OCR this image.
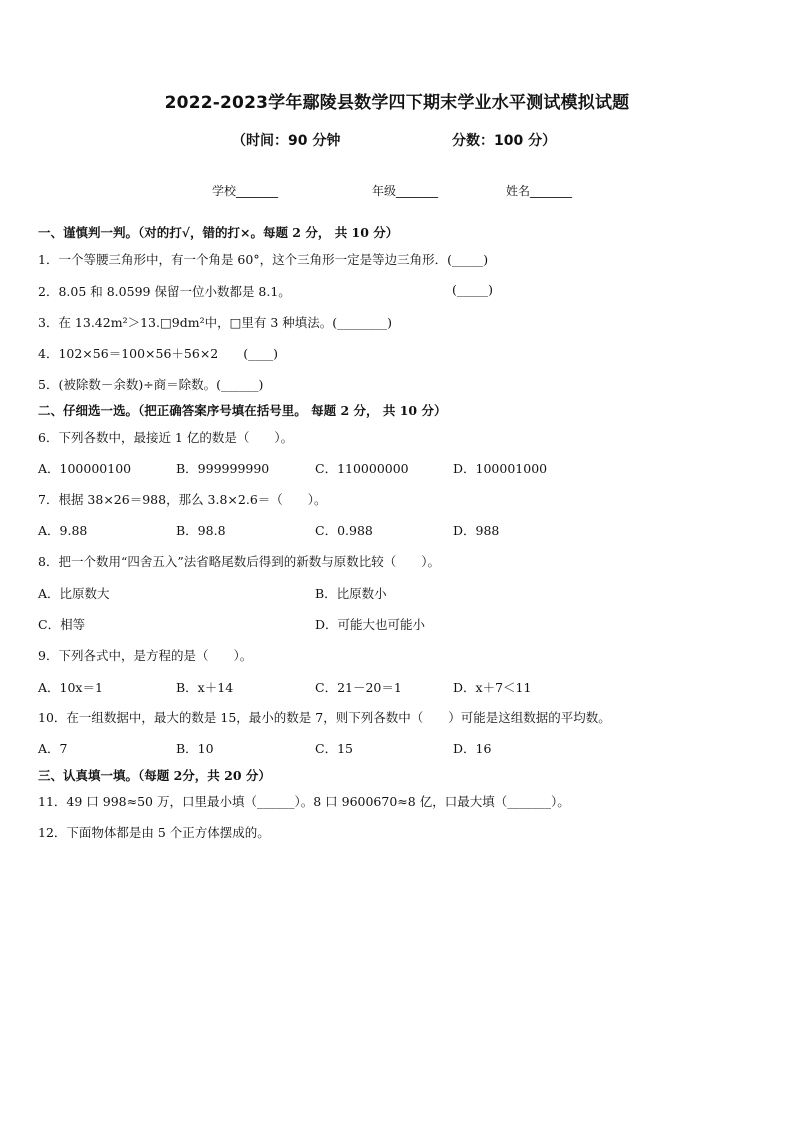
2022-2023学年鄢陵县数学四下期末学业水平测试模拟试题
（时间：90 分钟	分数：100 分）
学校_______	年级_______	姓名_______
一、谨慎判一判。（对的打√，错的打×。每题 2 分， 共 10 分）
1．一个等腰三角形中，有一个角是 60°，这个三角形一定是等边三角形．(_____)
2．8.05 和 8.0599 保留一位小数都是 8.1。	(_____)
3．在 13.42m²＞13.□9dm²中，□里有 3 种填法。(________)
4．102×56＝100×56＋56×2　　(____)
5．(被除数－余数)÷商＝除数。(______)
二、仔细选一选。（把正确答案序号填在括号里。 每题 2 分， 共 10 分）
6．下列各数中，最接近 1 亿的数是（　　）。
A．100000100	B．999999990	C．110000000	D．100001000
7．根据 38×26＝988，那么 3.8×2.6＝（　　）。
A．9.88	B．98.8	C．0.988	D．988
8．把一个数用“四舍五入”法省略尾数后得到的新数与原数比较（　　）。
A．比原数大	B．比原数小
C．相等	D．可能大也可能小
9．下列各式中，是方程的是（　　）。
A．10x＝1	B．x＋14	C．21－20＝1	D．x＋7＜11
10．在一组数据中，最大的数是 15，最小的数是 7，则下列各数中（　　）可能是这组数据的平均数。
A．7	B．10	C．15	D．16
三、认真填一填。（每题 2分，共 20 分）
11．49 口 998≈50 万，口里最小填（______）。8 口 9600670≈8 亿，口最大填（_______）。
12．下面物体都是由 5 个正方体摆成的。
